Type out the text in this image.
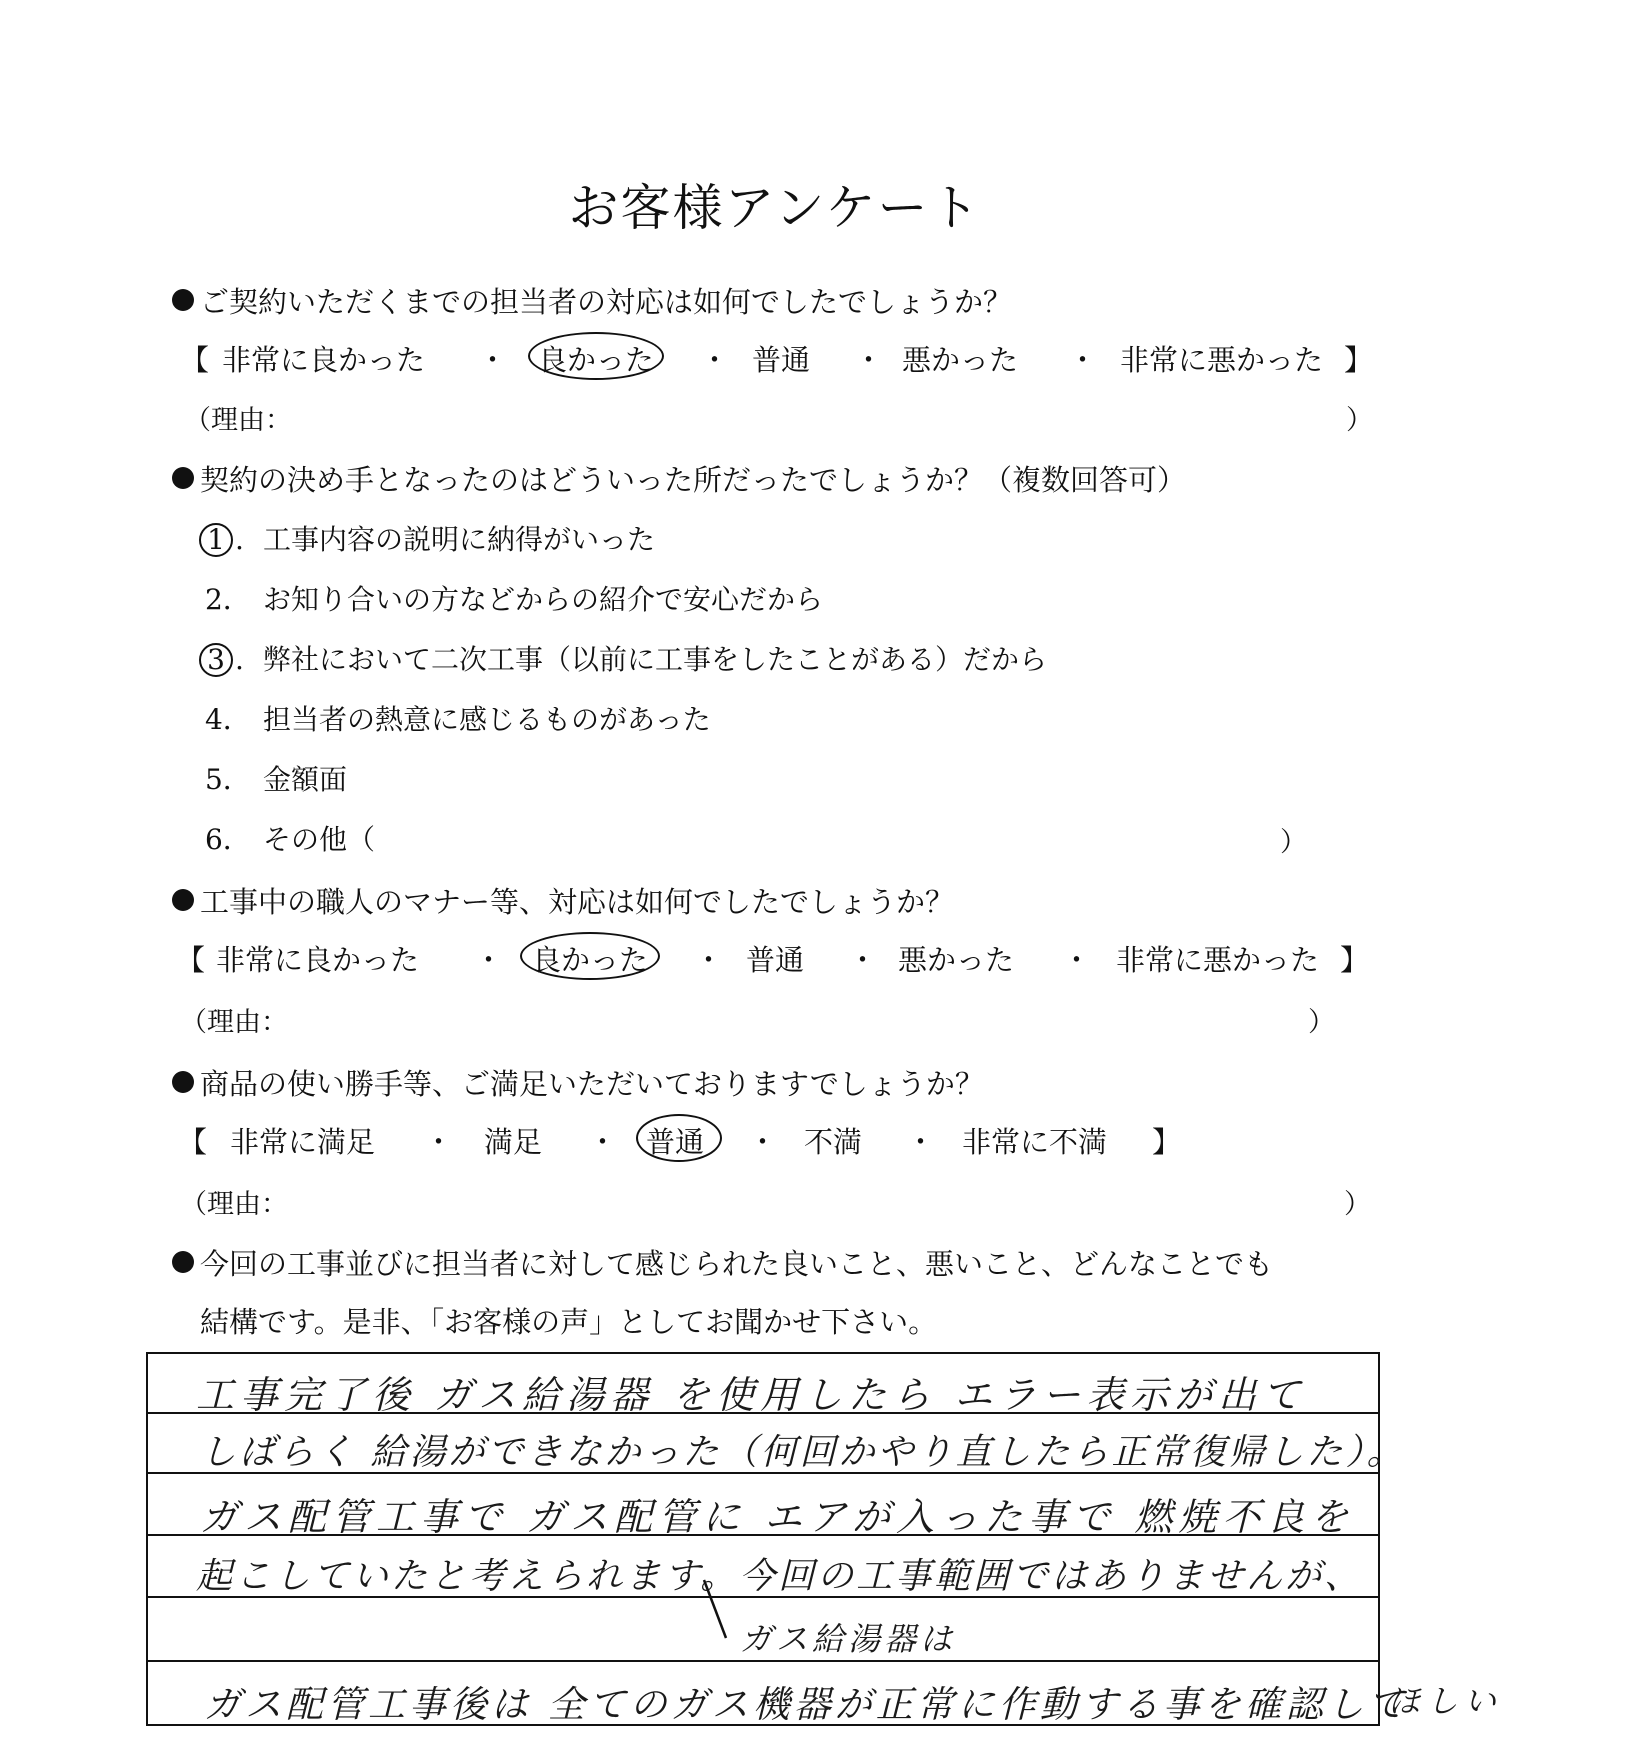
お客様アンケート
ご契約いただくまでの担当者の対応は如何でしたでしょうか？
【 非常に良かった ・ 良かった ・ 普通 ・ 悪かった ・ 非常に悪かった 】
（理由：	）
契約の決め手となったのはどういった所だったでしょうか？（複数回答可）
1 . 工事内容の説明に納得がいった
2． お知り合いの方などからの紹介で安心だから
3 . 弊社において二次工事（以前に工事をしたことがある）だから
4． 担当者の熱意に感じるものがあった
5． 金額面
6． その他（	）
工事中の職人のマナー等、対応は如何でしたでしょうか？
【 非常に良かった ・ 良かった ・ 普通 ・ 悪かった ・ 非常に悪かった 】
（理由：	）
商品の使い勝手等、ご満足いただいておりますでしょうか？
【 非常に満足 ・ 満足 ・ 普通 ・ 不満 ・ 非常に不満 】
（理由：	）
今回の工事並びに担当者に対して感じられた良いこと、悪いこと、どんなことでも
結構です。是非、「お客様の声」としてお聞かせ下さい。
工事完了後 ガス給湯器 を使用したら エラー表示が出て
しばらく 給湯ができなかった（何回かやり直したら正常復帰した）。
ガス配管工事で ガス配管に エアが入った事で 燃焼不良を
起こしていたと考えられます。今回の工事範囲ではありませんが、
ガス給湯器は
ガス配管工事後は 全てのガス機器が正常に作動する事を確認して
ほしい
